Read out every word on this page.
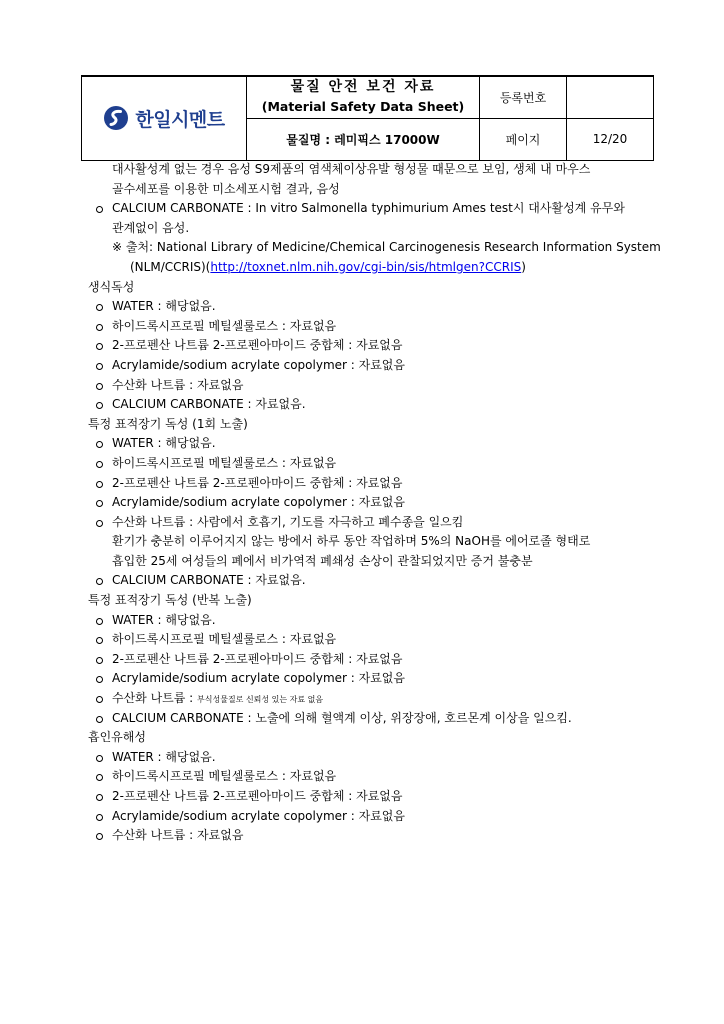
한일시멘트	물질 안전 보건 자료
(Material Safety Data Sheet)	등록번호	
	물질명 : 레미픽스 17000W	페이지	12/20
대사활성계 없는 경우 음성 S9제품의 염색체이상유발 형성물 때문으로 보임, 생체 내 마우스
골수세포를 이용한 미소세포시험 결과, 음성
CALCIUM CARBONATE : In vitro Salmonella typhimurium Ames test시 대사활성계 유무와
관계없이 음성.
※ 출처: National Library of Medicine/Chemical Carcinogenesis Research Information System
(NLM/CCRIS)(http://toxnet.nlm.nih.gov/cgi-bin/sis/htmlgen?CCRIS)
생식독성
WATER : 해당없음.
하이드록시프로필 메틸셀룰로스 : 자료없음
2-프로펜산 나트륨 2-프로펜아마이드 중합체 : 자료없음
Acrylamide/sodium acrylate copolymer : 자료없음
수산화 나트륨 : 자료없음
CALCIUM CARBONATE : 자료없음.
특정 표적장기 독성 (1회 노출)
WATER : 해당없음.
하이드록시프로필 메틸셀룰로스 : 자료없음
2-프로펜산 나트륨 2-프로펜아마이드 중합체 : 자료없음
Acrylamide/sodium acrylate copolymer : 자료없음
수산화 나트륨 : 사람에서 호흡기, 기도를 자극하고 폐수종을 일으킴
환기가 충분히 이루어지지 않는 방에서 하루 동안 작업하며 5%의 NaOH를 에어로졸 형태로
흡입한 25세 여성들의 폐에서 비가역적 폐쇄성 손상이 관찰되었지만 증거 불충분
CALCIUM CARBONATE : 자료없음.
특정 표적장기 독성 (반복 노출)
WATER : 해당없음.
하이드록시프로필 메틸셀룰로스 : 자료없음
2-프로펜산 나트륨 2-프로펜아마이드 중합체 : 자료없음
Acrylamide/sodium acrylate copolymer : 자료없음
수산화 나트륨 : 부식성물질로 신뢰성 있는 자료 없음
CALCIUM CARBONATE : 노출에 의해 혈액계 이상, 위장장애, 호르몬계 이상을 일으킴.
흡인유해성
WATER : 해당없음.
하이드록시프로필 메틸셀룰로스 : 자료없음
2-프로펜산 나트륨 2-프로펜아마이드 중합체 : 자료없음
Acrylamide/sodium acrylate copolymer : 자료없음
수산화 나트륨 : 자료없음
